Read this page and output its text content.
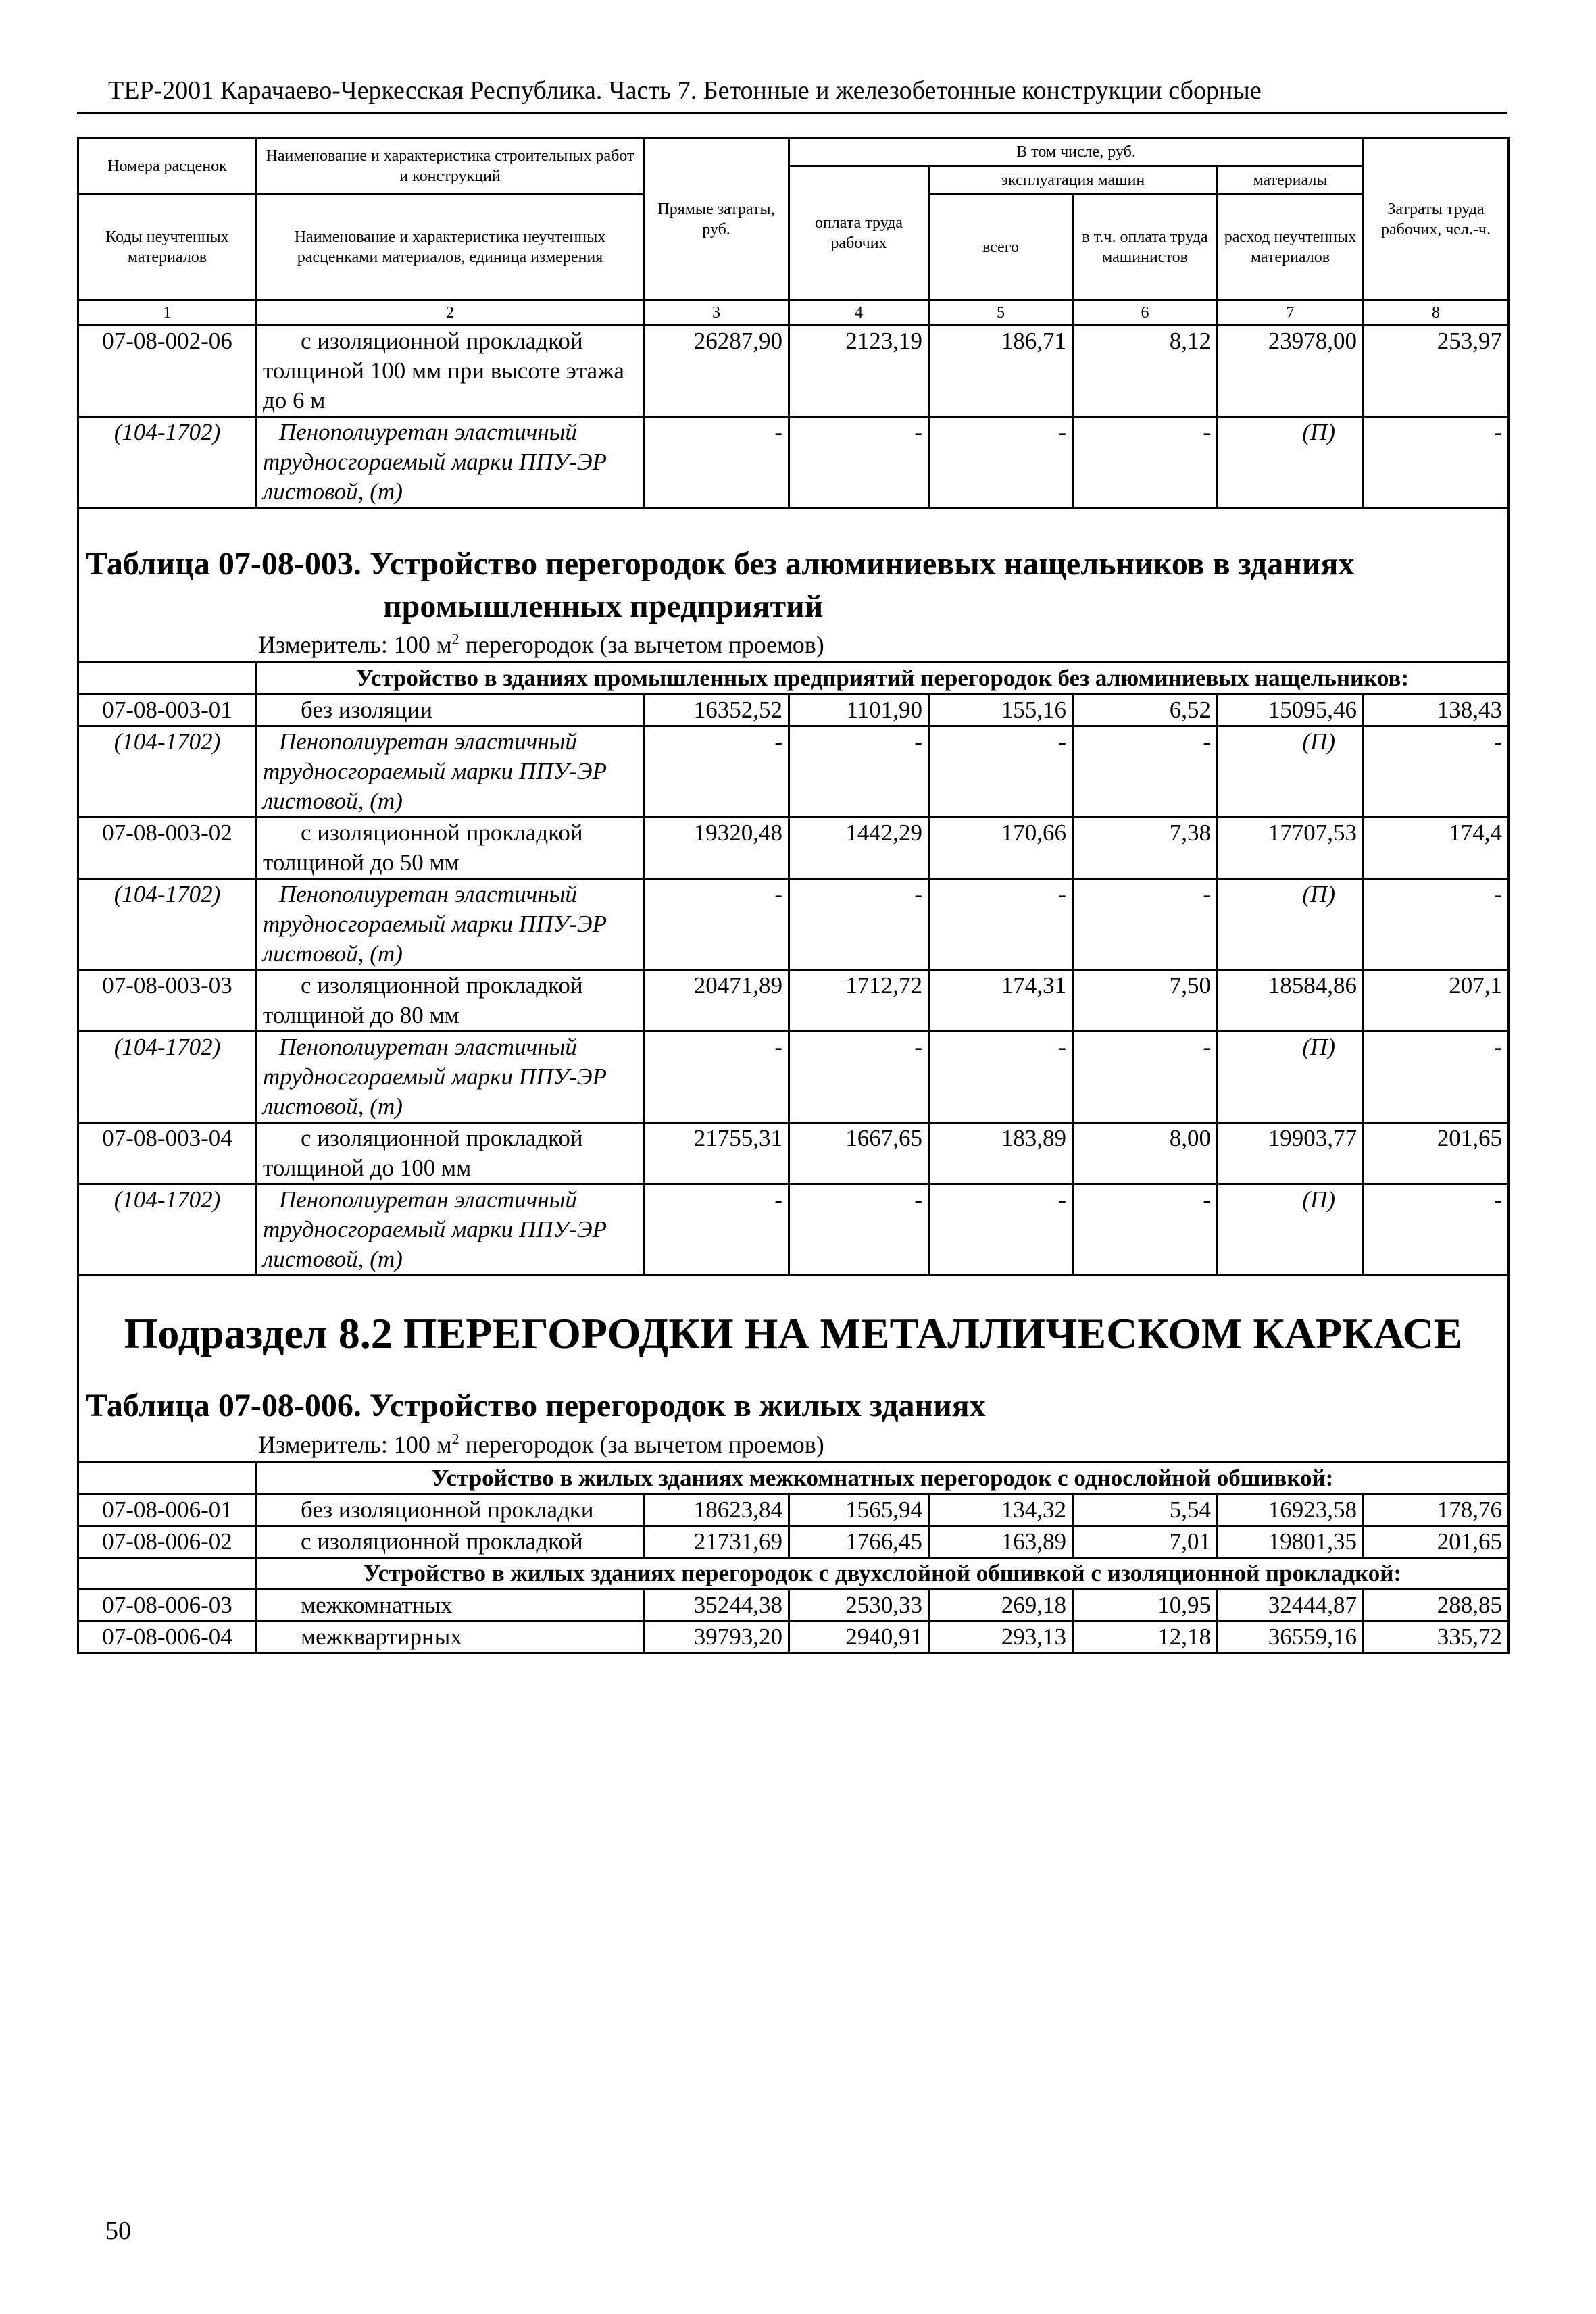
ТЕР-2001 Карачаево-Черкесская Республика. Часть 7. Бетонные и железобетонные конструкции сборные
Номера расценок	Наименование и характеристика строительных работ и конструкций	Прямые затраты, руб.	В том числе, руб.				Затраты труда рабочих, чел.-ч.
			оплата труда рабочих	эксплуатация машин		материалы	
Коды неучтенных материалов	Наименование и характеристика неучтенных расценками материалов, единица измерения			всего	в т.ч. оплата труда машинистов	расход неучтенных материалов	
1	2	3	4	5	6	7	8
07-08-002-06	с изоляционной прокладкой толщиной 100 мм при высоте этажа до 6 м	26287,90	2123,19	186,71	8,12	23978,00	253,97
(104-1702)	Пенополиуретан эластичный трудносгораемый марки ППУ-ЭР листовой, (т)	-	-	-	-	(П)	-

Таблица 07-08-003. Устройство перегородок без алюминиевых нащельников в зданиях
промышленных предприятий
Измеритель: 100 $м^2$ перегородок (за вычетом проемов)							

	Устройство в зданиях промышленных предприятий перегородок без алюминиевых нащельников:						
07-08-003-01	без изоляции	16352,52	1101,90	155,16	6,52	15095,46	138,43
(104-1702)	Пенополиуретан эластичный трудносгораемый марки ППУ-ЭР листовой, (т)	-	-	-	-	(П)	-
07-08-003-02	с изоляционной прокладкой толщиной до 50 мм	19320,48	1442,29	170,66	7,38	17707,53	174,4
(104-1702)	Пенополиуретан эластичный трудносгораемый марки ППУ-ЭР листовой, (т)	-	-	-	-	(П)	-
07-08-003-03	с изоляционной прокладкой толщиной до 80 мм	20471,89	1712,72	174,31	7,50	18584,86	207,1
(104-1702)	Пенополиуретан эластичный трудносгораемый марки ППУ-ЭР листовой, (т)	-	-	-	-	(П)	-
07-08-003-04	с изоляционной прокладкой толщиной до 100 мм	21755,31	1667,65	183,89	8,00	19903,77	201,65
(104-1702)	Пенополиуретан эластичный трудносгораемый марки ППУ-ЭР листовой, (т)	-	-	-	-	(П)	-

Подраздел 8.2 ПЕРЕГОРОДКИ НА МЕТАЛЛИЧЕСКОМ КАРКАСЕ
Таблица 07-08-006. Устройство перегородок в жилых зданиях
Измеритель: 100 $м^2$ перегородок (за вычетом проемов)							

	Устройство в жилых зданиях межкомнатных перегородок с однослойной обшивкой:						
07-08-006-01	без изоляционной прокладки	18623,84	1565,94	134,32	5,54	16923,58	178,76
07-08-006-02	с изоляционной прокладкой	21731,69	1766,45	163,89	7,01	19801,35	201,65
	Устройство в жилых зданиях перегородок с двухслойной обшивкой с изоляционной прокладкой:						
07-08-006-03	межкомнатных	35244,38	2530,33	269,18	10,95	32444,87	288,85
07-08-006-04	межквартирных	39793,20	2940,91	293,13	12,18	36559,16	335,72
50
